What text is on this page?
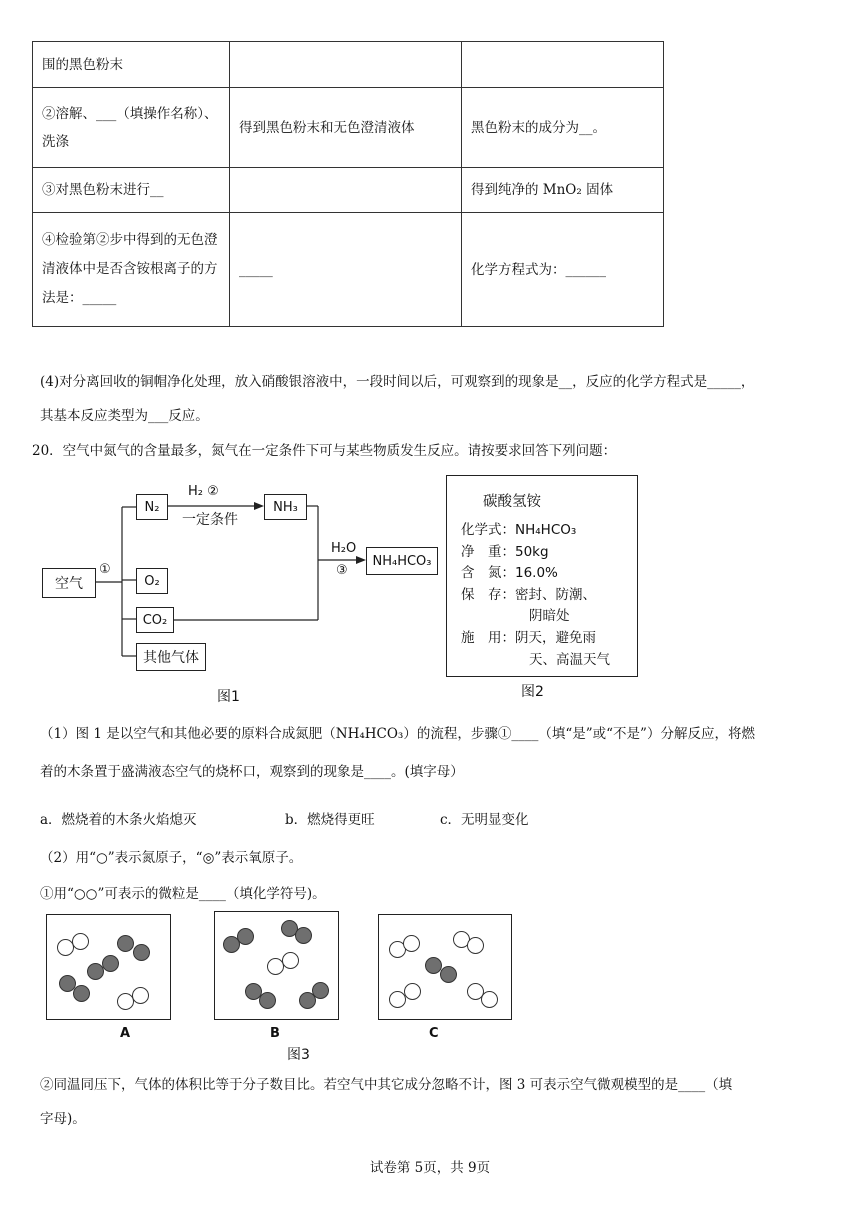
围的黑色粉末		
②溶解、___（填操作名称）、洗涤	得到黑色粉末和无色澄清液体	黑色粉末的成分为__。
③对黑色粉末进行__		得到纯净的 MnO₂ 固体
④检验第②步中得到的无色澄清液体中是否含铵根离子的方法是：_____	_____	化学方程式为：______
(4)对分离回收的铜帽净化处理，放入硝酸银溶液中，一段时间以后，可观察到的现象是__，反应的化学方程式是_____，
其基本反应类型为___反应。
20．空气中氮气的含量最多，氮气在一定条件下可与某些物质发生反应。请按要求回答下列问题：
空气
①
N₂
O₂
CO₂
其他气体
H₂ ②
一定条件
NH₃
H₂O
③
NH₄HCO₃
图1
碳酸氢铵
化学式：NH₄HCO₃
净　重：50kg
含　氮：16.0%
保　存：密封、防潮、
阴暗处
施　用：阴天，避免雨
天、高温天气
图2
（1）图 1 是以空气和其他必要的原料合成氮肥（NH₄HCO₃）的流程，步骤①____（填“是”或“不是”）分解反应，将燃
着的木条置于盛满液态空气的烧杯口，观察到的现象是____。(填字母）
a．燃烧着的木条火焰熄灭	b．燃烧得更旺	c．无明显变化
（2）用“○”表示氮原子，“◎”表示氧原子。
①用“○○”可表示的微粒是____（填化学符号)。
A	B	C
图3
②同温同压下，气体的体积比等于分子数目比。若空气中其它成分忽略不计，图 3 可表示空气微观模型的是____（填
字母)。
试卷第 5页，共 9页
